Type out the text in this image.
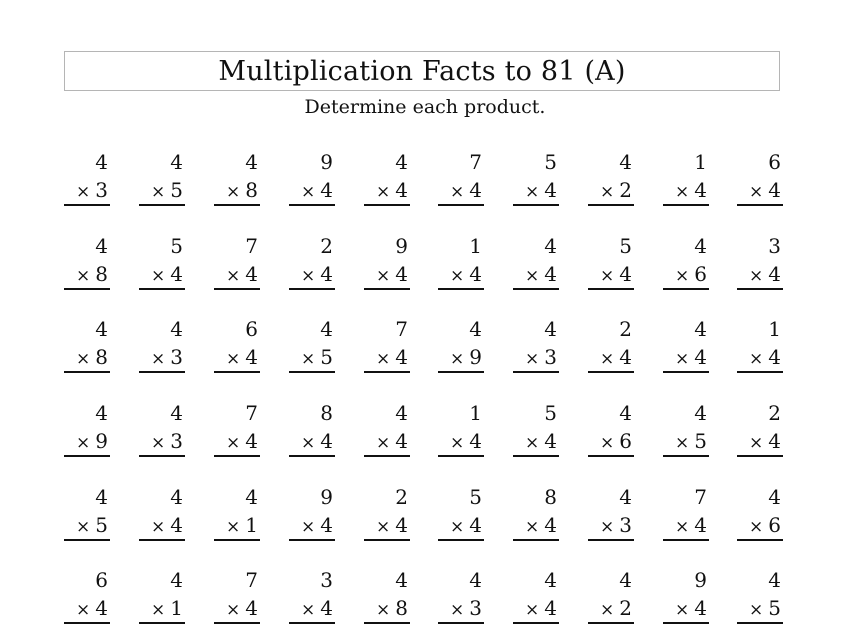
Multiplication Facts to 81 (A)
Determine each product.
4
× 3
4
× 5
4
× 8
9
× 4
4
× 4
7
× 4
5
× 4
4
× 2
1
× 4
6
× 4
4
× 8
5
× 4
7
× 4
2
× 4
9
× 4
1
× 4
4
× 4
5
× 4
4
× 6
3
× 4
4
× 8
4
× 3
6
× 4
4
× 5
7
× 4
4
× 9
4
× 3
2
× 4
4
× 4
1
× 4
4
× 9
4
× 3
7
× 4
8
× 4
4
× 4
1
× 4
5
× 4
4
× 6
4
× 5
2
× 4
4
× 5
4
× 4
4
× 1
9
× 4
2
× 4
5
× 4
8
× 4
4
× 3
7
× 4
4
× 6
6
× 4
4
× 1
7
× 4
3
× 4
4
× 8
4
× 3
4
× 4
4
× 2
9
× 4
4
× 5
